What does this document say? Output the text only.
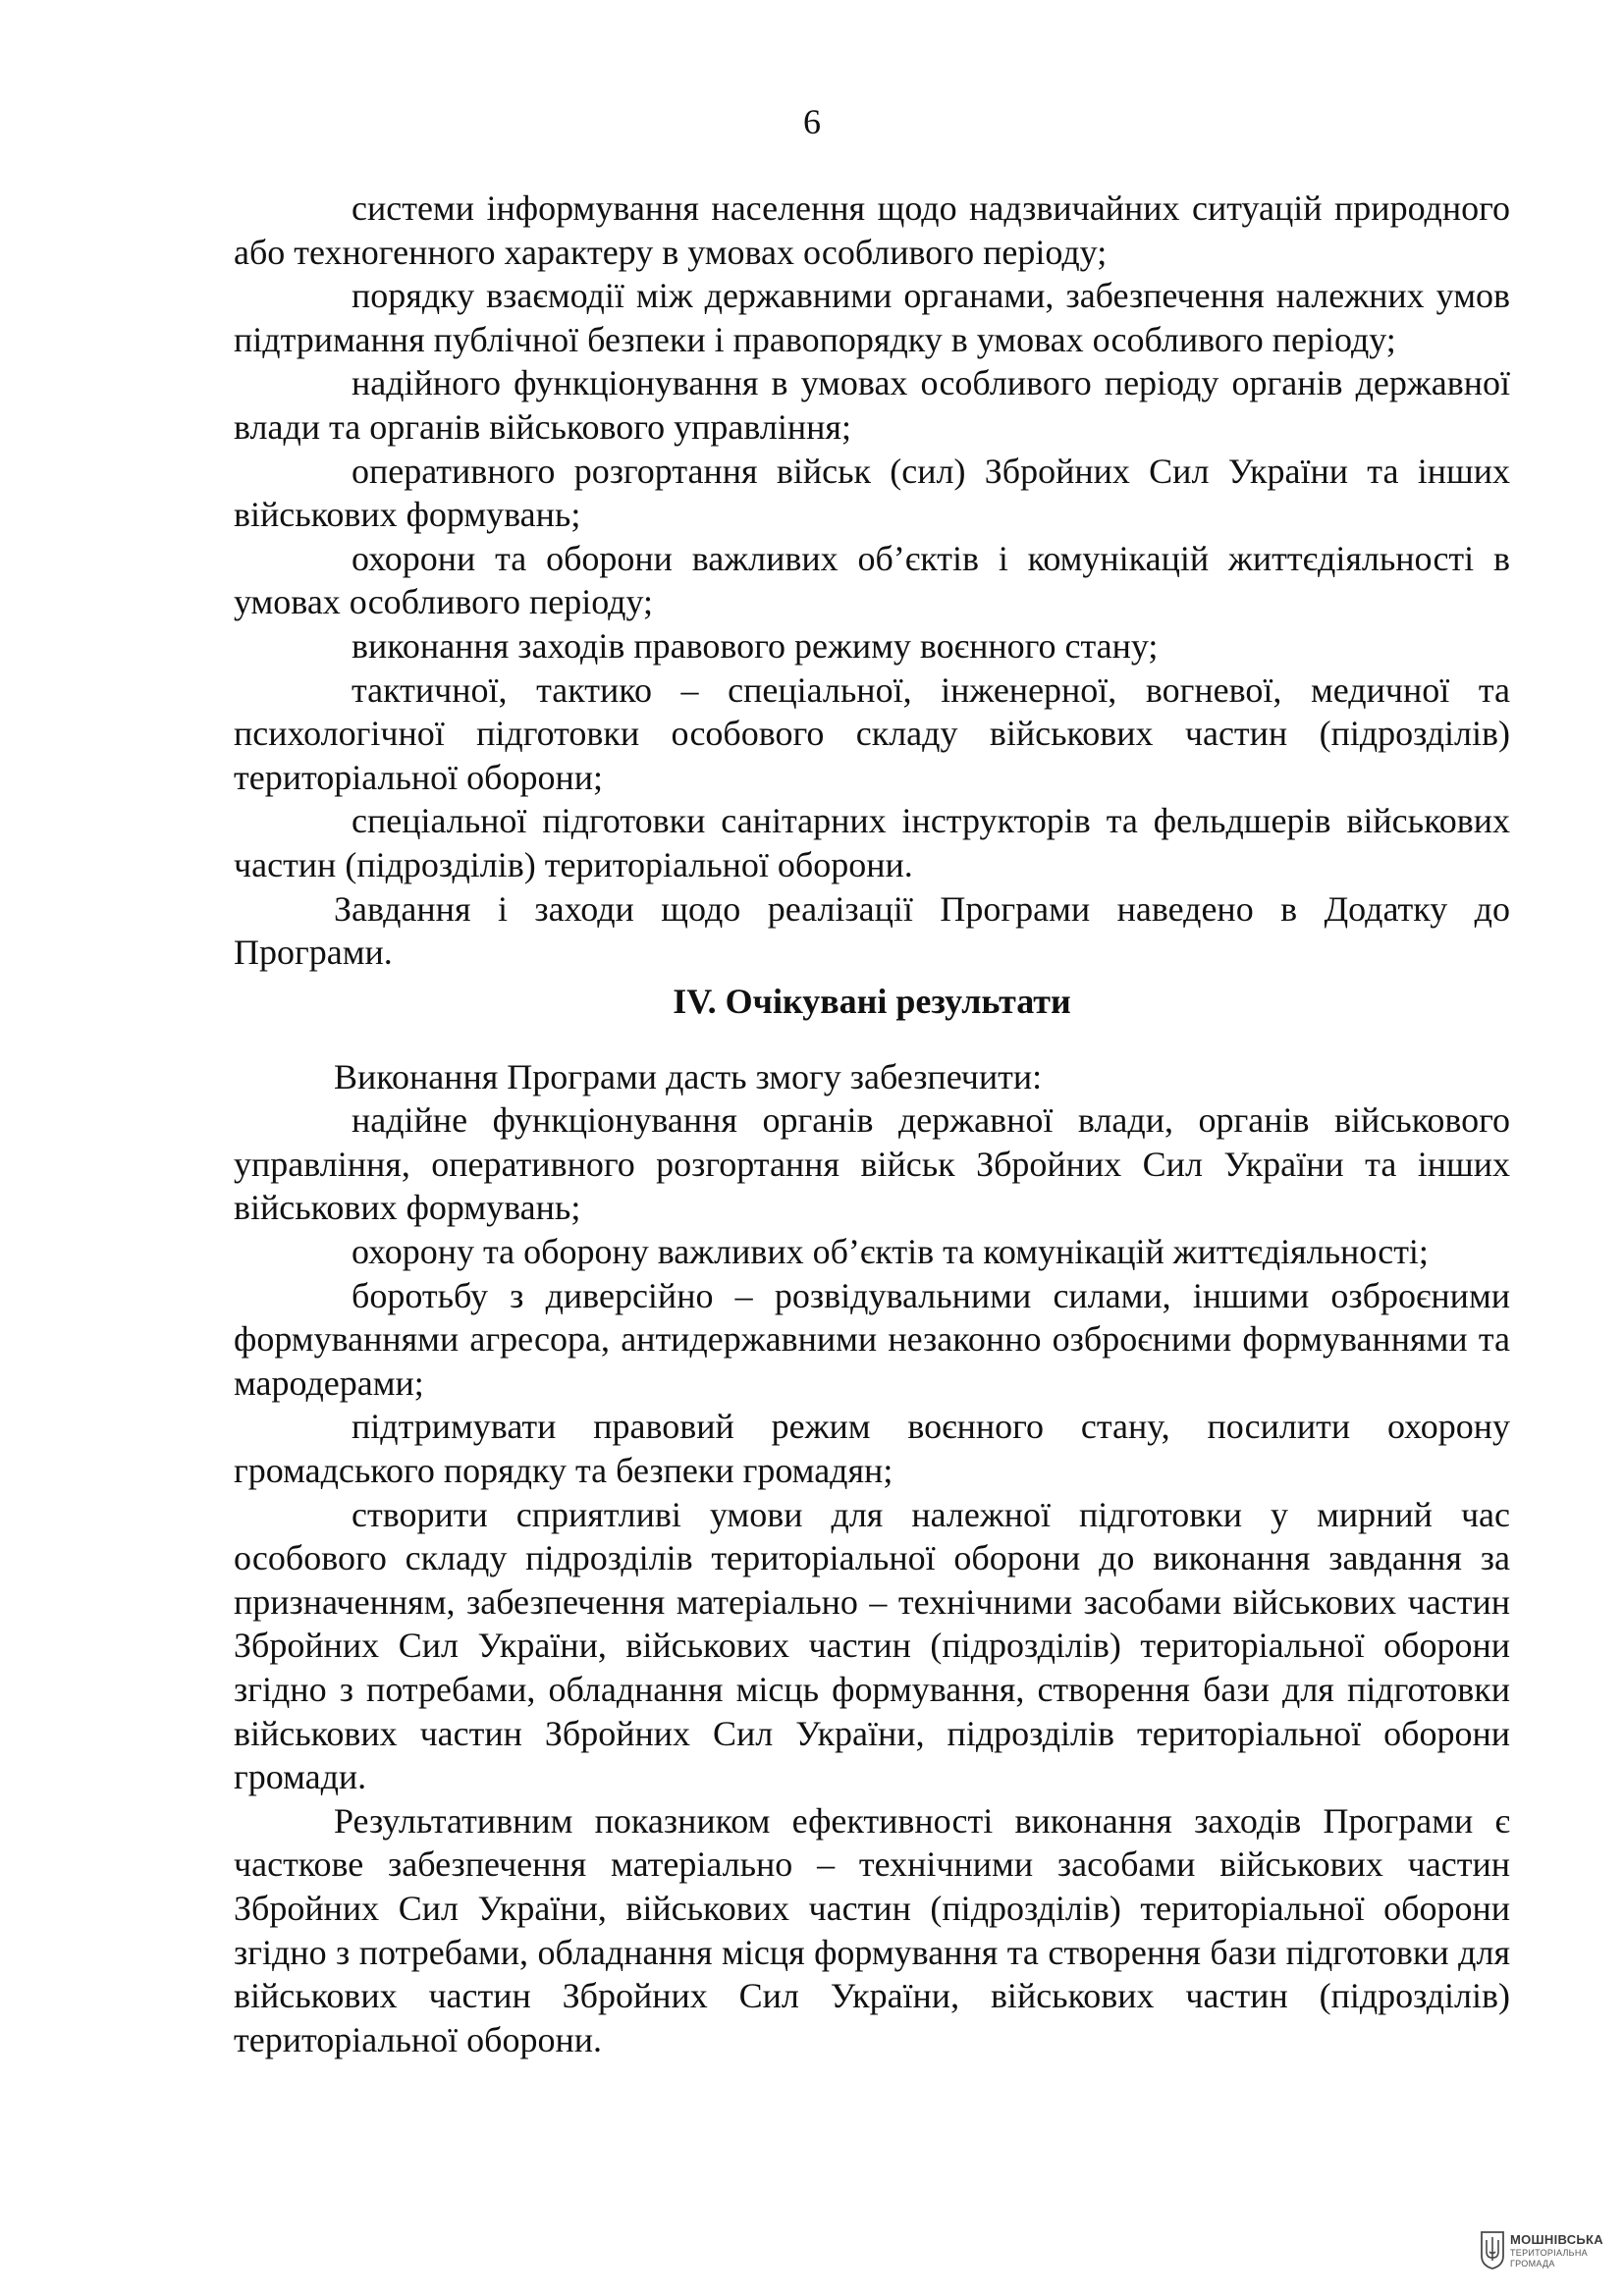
6

системи інформування населення щодо надзвичайних ситуацій природного або техногенного характеру в умовах особливого періоду;

порядку взаємодії між державними органами, забезпечення належних умов підтримання публічної безпеки і правопорядку в умовах особливого періоду;

надійного функціонування в умовах особливого періоду органів державної влади та органів військового управління;

оперативного розгортання військ (сил) Збройних Сил України та інших військових формувань;

охорони та оборони важливих об’єктів і комунікацій життєдіяльності в умовах особливого періоду;

виконання заходів правового режиму воєнного стану;

тактичної, тактико – спеціальної, інженерної, вогневої, медичної та психологічної підготовки особового складу військових частин (підрозділів) територіальної оборони;

спеціальної підготовки санітарних інструкторів та фельдшерів військових частин (підрозділів) територіальної оборони.

Завдання і заходи щодо реалізації Програми наведено в Додатку до Програми.

IV. Очікувані результати

Виконання Програми дасть змогу забезпечити:

надійне функціонування органів державної влади, органів військового управління, оперативного розгортання військ Збройних Сил України та інших військових формувань;

охорону та оборону важливих об’єктів та комунікацій життєдіяльності;

боротьбу з диверсійно – розвідувальними силами, іншими озброєними формуваннями агресора, антидержавними незаконно озброєними формуваннями та мародерами;

підтримувати правовий режим воєнного стану, посилити охорону громадського порядку та безпеки громадян;

створити сприятливі умови для належної підготовки у мирний час особового складу підрозділів територіальної оборони до виконання завдання за призначенням, забезпечення матеріально – технічними засобами військових частин Збройних Сил України, військових частин (підрозділів) територіальної оборони згідно з потребами, обладнання місць формування, створення бази для підготовки військових частин Збройних Сил України, підрозділів територіальної оборони громади.

Результативним показником ефективності виконання заходів Програми є часткове забезпечення матеріально – технічними засобами військових частин Збройних Сил України, військових частин (підрозділів) територіальної оборони згідно з потребами, обладнання місця формування та створення бази підготовки для військових частин Збройних Сил України, військових частин (підрозділів) територіальної оборони.

МОШНІВСЬКА
ТЕРИТОРІАЛЬНА
ГРОМАДА
